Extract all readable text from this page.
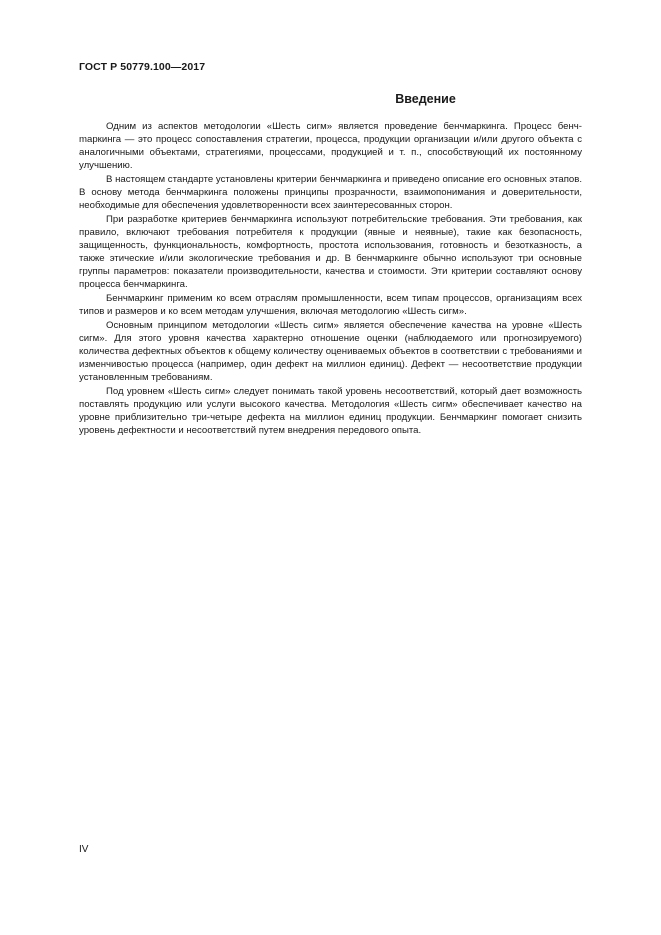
ГОСТ Р 50779.100—2017
Введение

Одним из аспектов методологии «Шесть сигм» является проведение бенчмаркинга. Процесс бенчmаркинга — это процесс сопоставления стратегии, процесса, продукции организации и/или другого объекта с аналогичными объектами, стратегиями, процессами, продукцией и т. п., способствующий их постоянному улучшению.

В настоящем стандарте установлены критерии бенчмаркинга и приведено описание его основных этапов. В основу метода бенчмаркинга положены принципы прозрачности, взаимопонимания и доверительности, необходимые для обеспечения удовлетворенности всех заинтересованных сторон.

При разработке критериев бенчмаркинга используют потребительские требования. Эти требования, как правило, включают требования потребителя к продукции (явные и неявные), такие как безопасность, защищенность, функциональность, комфортность, простота использования, готовность и безотказность, а также этические и/или экологические требования и др. В бенчмаркинге обычно используют три основные группы параметров: показатели производительности, качества и стоимости. Эти критерии составляют основу процесса бенчмаркинга.

Бенчмаркинг применим ко всем отраслям промышленности, всем типам процессов, организациям всех типов и размеров и ко всем методам улучшения, включая методологию «Шесть сигм».

Основным принципом методологии «Шесть сигм» является обеспечение качества на уровне «Шесть сигм». Для этого уровня качества характерно отношение оценки (наблюдаемого или прогнозируемого) количества дефектных объектов к общему количеству оцениваемых объектов в соответствии с требованиями и изменчивостью процесса (например, один дефект на миллион единиц). Дефект — несоответствие продукции установленным требованиям.

Под уровнем «Шесть сигм» следует понимать такой уровень несоответствий, который дает возможность поставлять продукцию или услуги высокого качества. Методология «Шесть сигм» обеспечивает качество на уровне приблизительно три-четыре дефекта на миллион единиц продукции. Бенчмаркинг помогает снизить уровень дефектности и несоответствий путем внедрения передового опыта.

IV
